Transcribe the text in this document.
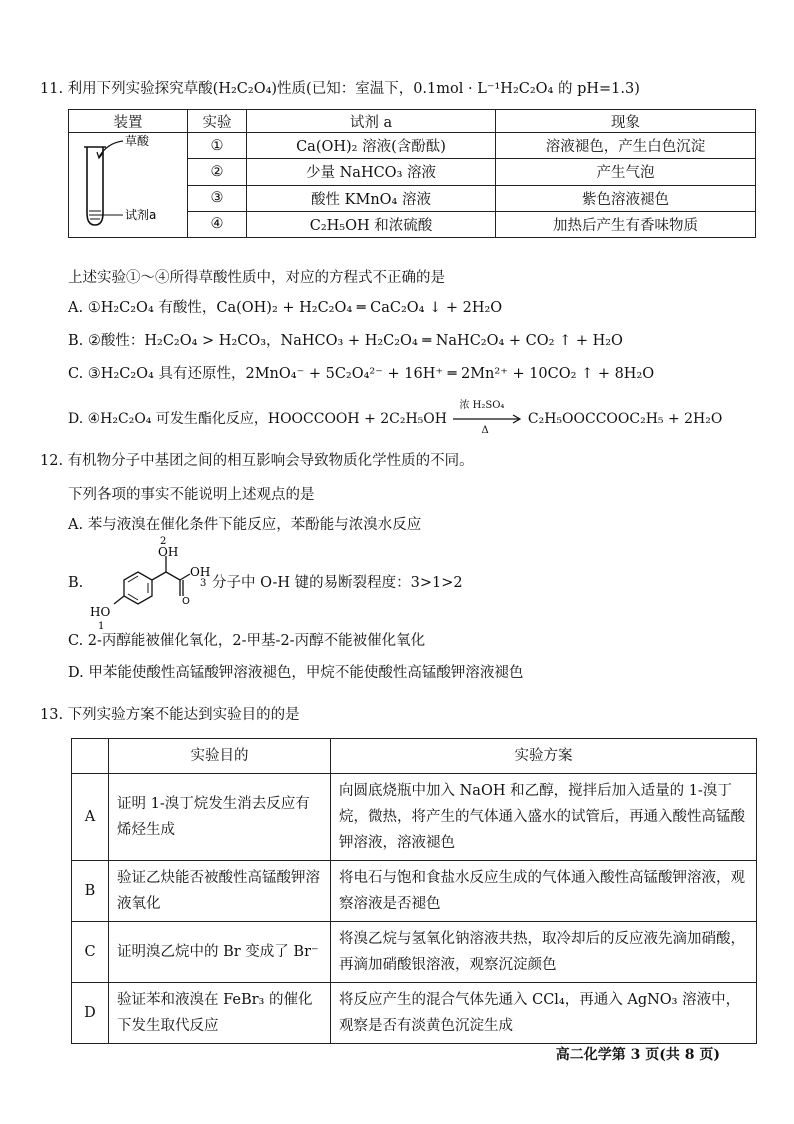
11. 利用下列实验探究草酸(H₂C₂O₄)性质(已知：室温下，0.1mol · L⁻¹H₂C₂O₄ 的 pH=1.3)
装置	实验	试剂 a	现象

草酸
试剂a	①	Ca(OH)₂ 溶液(含酚酞)	溶液褪色，产生白色沉淀
	②	少量 NaHCO₃ 溶液	产生气泡
	③	酸性 KMnO₄ 溶液	紫色溶液褪色
	④	C₂H₅OH 和浓硫酸	加热后产生有香味物质
上述实验①～④所得草酸性质中，对应的方程式不正确的是
A. ①H₂C₂O₄ 有酸性，Ca(OH)₂ + H₂C₂O₄ ═ CaC₂O₄ ↓ + 2H₂O
B. ②酸性：H₂C₂O₄ > H₂CO₃，NaHCO₃ + H₂C₂O₄ ═ NaHC₂O₄ + CO₂ ↑ + H₂O
C. ③H₂C₂O₄ 具有还原性，2MnO₄⁻ + 5C₂O₄²⁻ + 16H⁺ ═ 2Mn²⁺ + 10CO₂ ↑ + 8H₂O
D. ④H₂C₂O₄ 可发生酯化反应，HOOCCOOH + 2C₂H₅OH
浓 H₂SO₄
Δ
C₂H₅OOCCOOC₂H₅ + 2H₂O
12. 有机物分子中基团之间的相互影响会导致物质化学性质的不同。
下列各项的事实不能说明上述观点的是
A. 苯与液溴在催化条件下能反应，苯酚能与浓溴水反应
B.
O
2
OH
OH
3
HO
1
分子中 O-H 键的易断裂程度：3>1>2
C. 2-丙醇能被催化氧化，2-甲基-2-丙醇不能被催化氧化
D. 甲苯能使酸性高锰酸钾溶液褪色，甲烷不能使酸性高锰酸钾溶液褪色
13. 下列实验方案不能达到实验目的的是
	实验目的	实验方案
A	证明 1-溴丁烷发生消去反应有烯烃生成	向圆底烧瓶中加入 NaOH 和乙醇，搅拌后加入适量的 1-溴丁烷，微热，将产生的气体通入盛水的试管后，再通入酸性高锰酸钾溶液，溶液褪色
B	验证乙炔能否被酸性高锰酸钾溶液氧化	将电石与饱和食盐水反应生成的气体通入酸性高锰酸钾溶液，观察溶液是否褪色
C	证明溴乙烷中的 Br 变成了 Br⁻	将溴乙烷与氢氧化钠溶液共热，取冷却后的反应液先滴加硝酸，再滴加硝酸银溶液，观察沉淀颜色
D	验证苯和液溴在 FeBr₃ 的催化下发生取代反应	将反应产生的混合气体先通入 CCl₄，再通入 AgNO₃ 溶液中，观察是否有淡黄色沉淀生成
高二化学第 3 页(共 8 页)
